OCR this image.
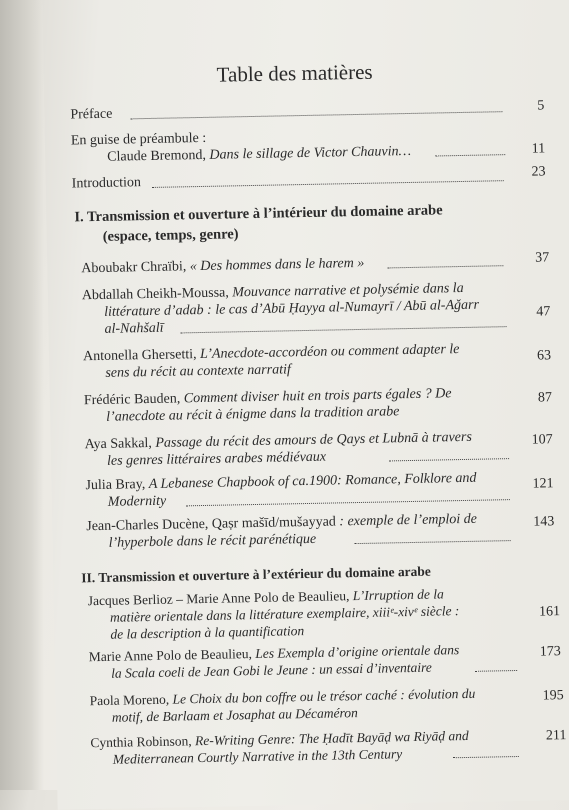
Table des matières
Préface
5
En guise de préambule :
Claude Bremond, Dans le sillage de Victor Chauvin…	11
Introduction
23
I. Transmission et ouverture à l’intérieur du domaine arabe
(espace, temps, genre)
Aboubakr Chraïbi, « Des hommes dans le harem »	37
Abdallah Cheikh-Moussa, Mouvance narrative et polysémie dans la
littérature d’adab : le cas d’Abū Ḥayya al-Numayrī / Abū al-Aǧarr
al-Nahšalī
47
Antonella Ghersetti, L’Anecdote-accordéon ou comment adapter le
sens du récit au contexte narratif
63
Frédéric Bauden, Comment diviser huit en trois parts égales ? De
l’anecdote au récit à énigme dans la tradition arabe
87
Aya Sakkal, Passage du récit des amours de Qays et Lubnā à travers
les genres littéraires arabes médiévaux
107
Julia Bray, A Lebanese Chapbook of ca.1900: Romance, Folklore and
Modernity
121
Jean-Charles Ducène, Qaṣr mašīd/mušayyad : exemple de l’emploi de
l’hyperbole dans le récit parénétique
143
II. Transmission et ouverture à l’extérieur du domaine arabe
Jacques Berlioz – Marie Anne Polo de Beaulieu, L’Irruption de la
matière orientale dans la littérature exemplaire, xiiiᵉ-xivᵉ siècle :
de la description à la quantification
161
Marie Anne Polo de Beaulieu, Les Exempla d’origine orientale dans
la Scala coeli de Jean Gobi le Jeune : un essai d’inventaire
173
Paola Moreno, Le Choix du bon coffre ou le trésor caché : évolution du
motif, de Barlaam et Josaphat au Décaméron
195
Cynthia Robinson, Re-Writing Genre: The Ḥadīt Bayāḍ wa Riyāḍ and
Mediterranean Courtly Narrative in the 13th Century
211
